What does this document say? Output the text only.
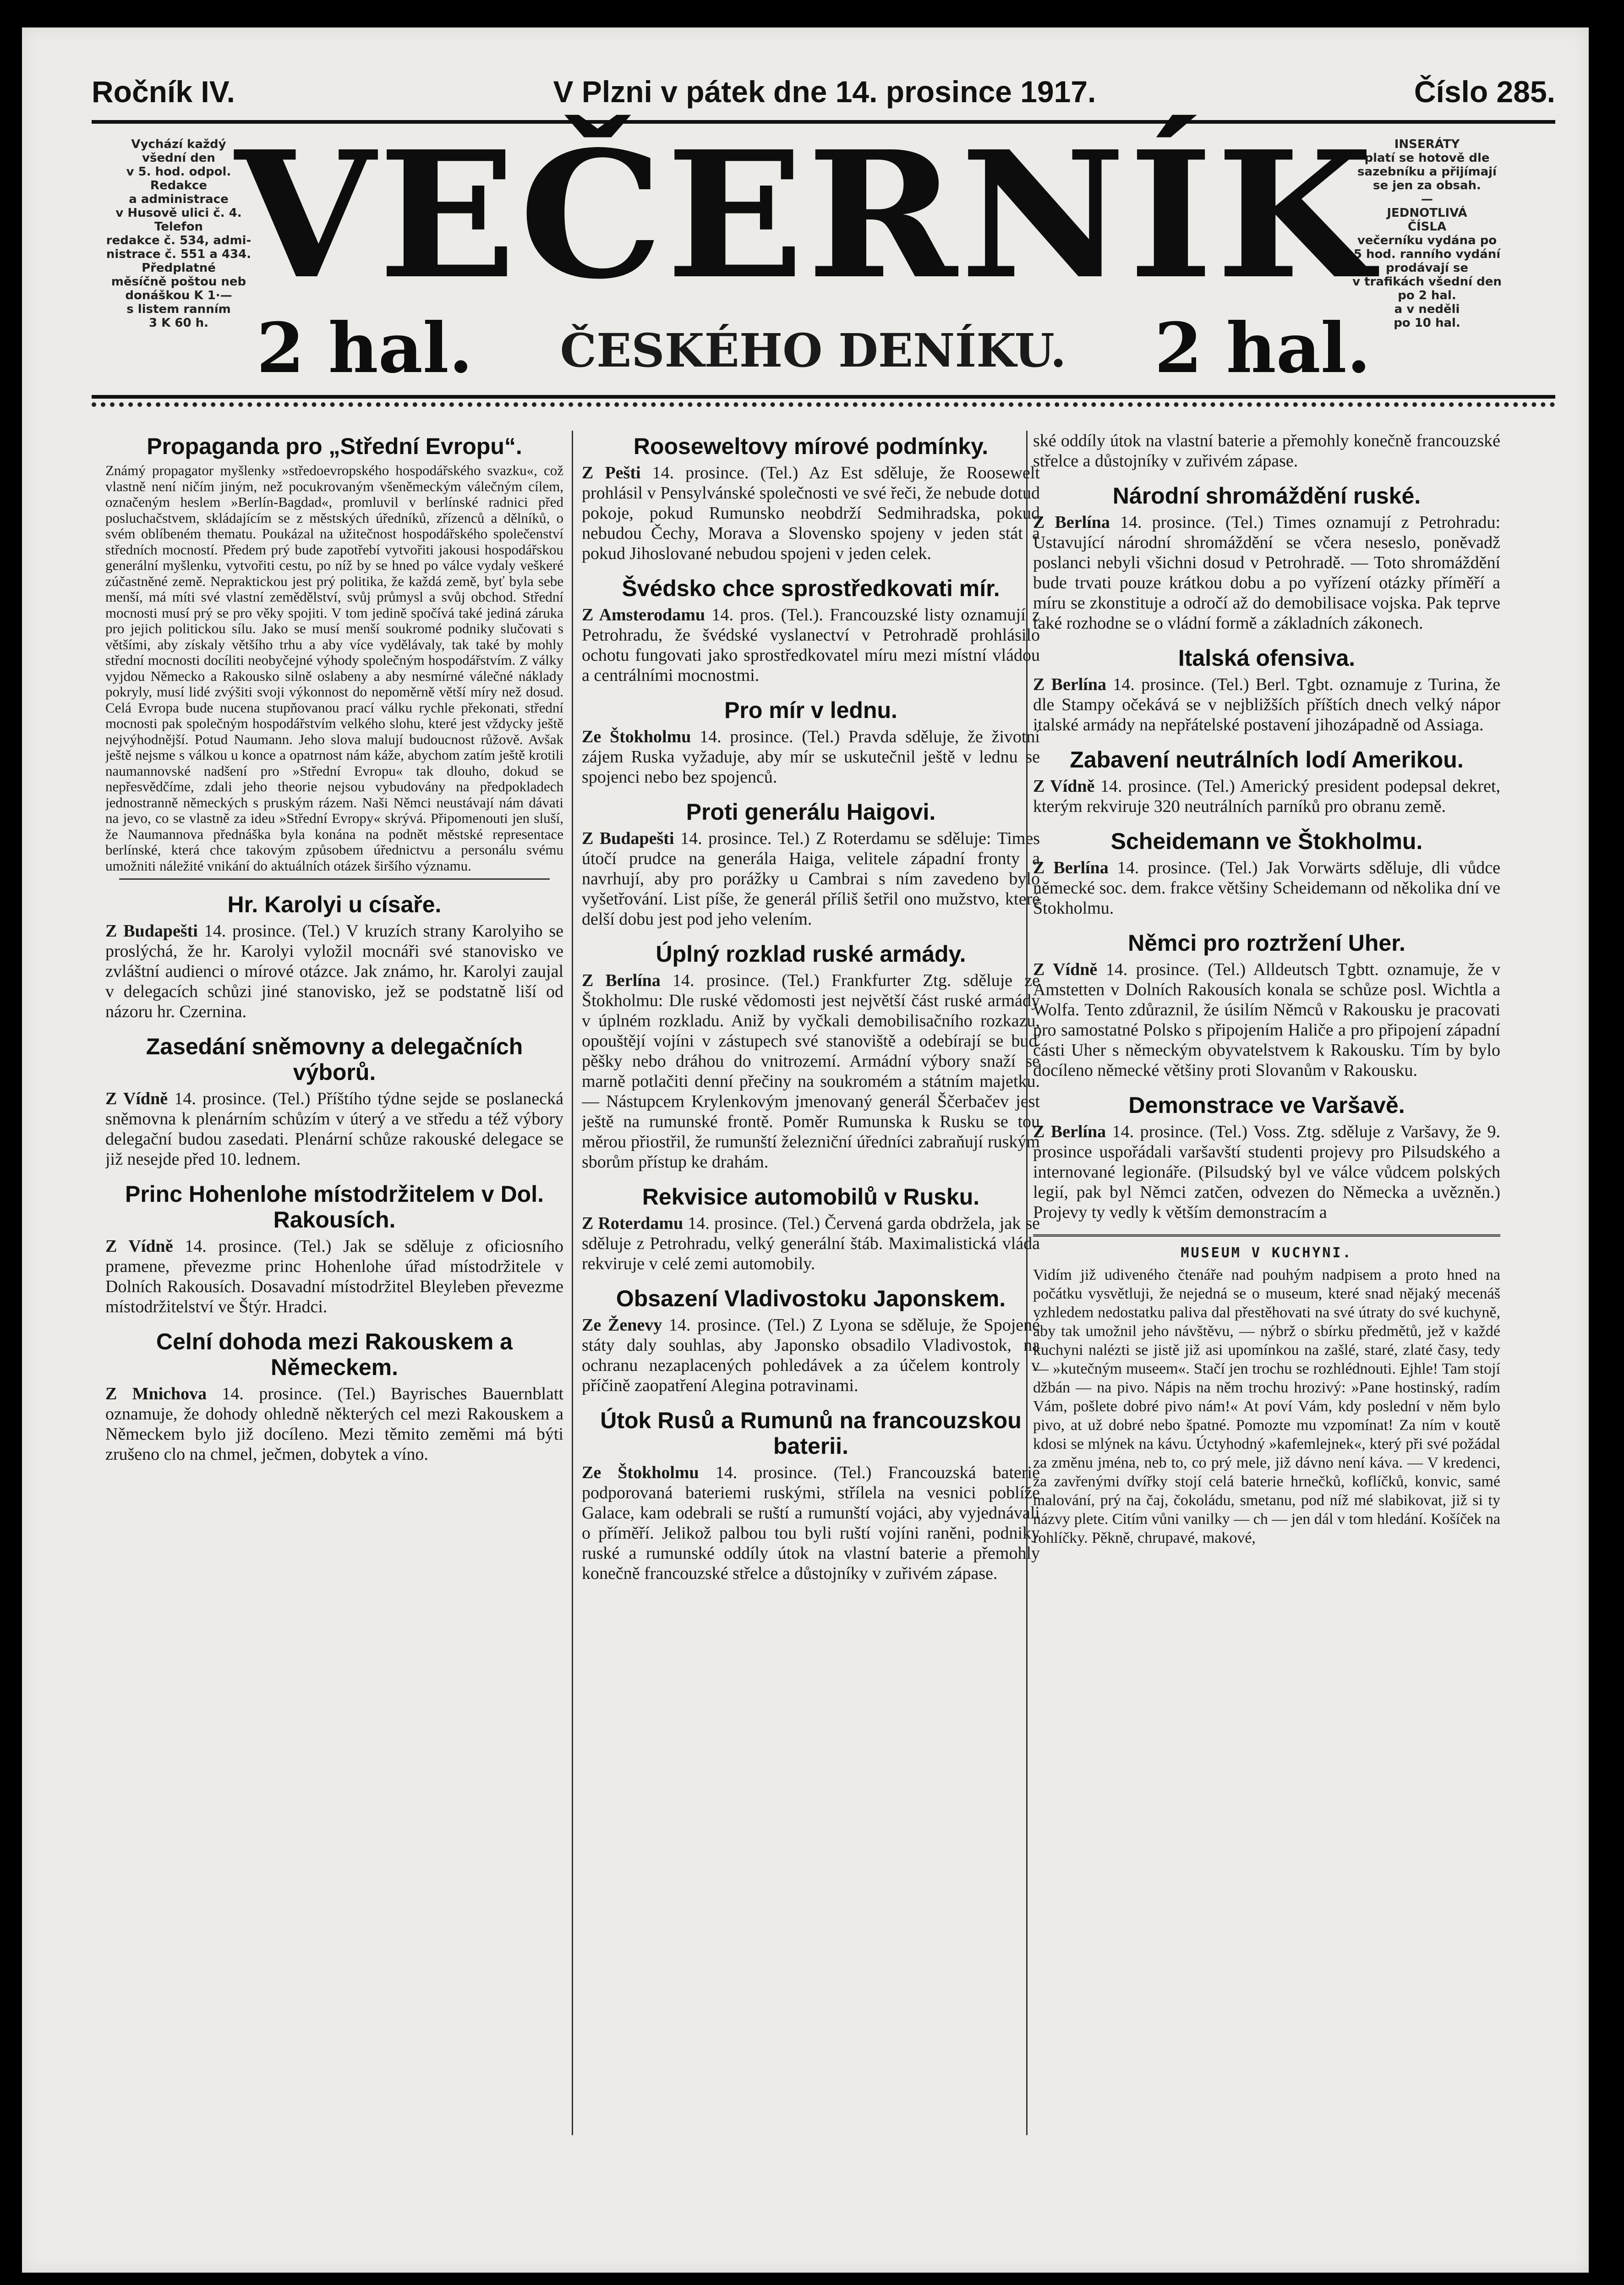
Ročník IV.	V Plzni v pátek dne 14. prosince 1917.	Číslo 285.
Vychází každý
všední den
v 5. hod. odpol.
Redakce
a administrace
v Husově ulici č. 4.
Telefon
redakce č. 534, admi-
nistrace č. 551 a 434.
Předplatné
měsíčně poštou neb
donáškou K 1·—
s listem ranním
3 K 60 h.
INSERÁTY
platí se hotově dle
sazebníku a přijímají
se jen za obsah.
—
JEDNOTLIVÁ
ČÍSLA
večerníku vydána po
5 hod. ranního vydání
prodávají se
v trafikách všední den
po 2 hal.
a v neděli
po 10 hal.
VEČERNÍK
2 hal. ČESKÉHO DENÍKU. 2 hal.
Propaganda pro „Střední Evropu“.

Známý propagator myšlenky »středoevropského hospodářského svazku«, což vlastně není ničím jiným, než pocukrovaným všeněmeckým válečným cílem, označeným heslem »Berlín-Bagdad«, promluvil v berlínské radnici před posluchačstvem, skládajícím se z městských úředníků, zřízenců a dělníků, o svém oblíbeném thematu. Poukázal na užitečnost hospodářského společenství středních mocností. Předem prý bude zapotřebí vytvořiti jakousi hospodářskou generální myšlenku, vytvořiti cestu, po níž by se hned po válce vydaly veškeré zúčastněné země. Nepraktickou jest prý politika, že každá země, byť byla sebe menší, má míti své vlastní zemědělství, svůj průmysl a svůj obchod. Střední mocnosti musí prý se pro věky spojiti. V tom jedině spočívá také jediná záruka pro jejich politickou sílu. Jako se musí menší soukromé podniky slučovati s většími, aby získaly většího trhu a aby více vydělávaly, tak také by mohly střední mocnosti docíliti neobyčejné výhody společným hospodářstvím. Z války vyjdou Německo a Rakousko silně oslabeny a aby nesmírné válečné náklady pokryly, musí lidé zvýšiti svoji výkonnost do nepoměrně větší míry než dosud. Celá Evropa bude nucena stupňovanou prací válku rychle překonati, střední mocnosti pak společným hospodářstvím velkého slohu, které jest vždycky ještě nejvýhodnější. Potud Naumann. Jeho slova malují budoucnost růžově. Avšak ještě nejsme s válkou u konce a opatrnost nám káže, abychom zatím ještě krotili naumannovské nadšení pro »Střední Evropu« tak dlouho, dokud se nepřesvědčíme, zdali jeho theorie nejsou vybudovány na předpokladech jednostranně německých s pruským rázem. Naši Němci neustávají nám dávati na jevo, co se vlastně za ideu »Střední Evropy« skrývá. Připomenouti jen sluší, že Naumannova přednáška byla konána na podnět městské representace berlínské, která chce takovým způsobem úřednictvu a personálu svému umožniti náležité vnikání do aktuálních otázek širšího významu.

Hr. Karolyi u císaře.

Z Budapešti 14. prosince. (Tel.) V kruzích strany Karolyiho se proslýchá, že hr. Karolyi vyložil mocnáři své stanovisko ve zvláštní audienci o mírové otázce. Jak známo, hr. Karolyi zaujal v delegacích schůzi jiné stanovisko, jež se podstatně liší od názoru hr. Czernina.

Zasedání sněmovny a delegačních výborů.

Z Vídně 14. prosince. (Tel.) Příštího týdne sejde se poslanecká sněmovna k plenárním schůzím v úterý a ve středu a též výbory delegační budou zasedati. Plenární schůze rakouské delegace se již nesejde před 10. lednem.

Princ Hohenlohe místodržitelem v Dol. Rakousích.

Z Vídně 14. prosince. (Tel.) Jak se sděluje z oficiosního pramene, převezme princ Hohenlohe úřad místodržitele v Dolních Rakousích. Dosavadní místodržitel Bleyleben převezme místodržitelství ve Štýr. Hradci.

Celní dohoda mezi Rakouskem a Německem.

Z Mnichova 14. prosince. (Tel.) Bayrisches Bauernblatt oznamuje, že dohody ohledně některých cel mezi Rakouskem a Německem bylo již docíleno. Mezi těmito zeměmi má býti zrušeno clo na chmel, ječmen, dobytek a víno.

Rooseweltovy mírové podmínky.

Z Pešti 14. prosince. (Tel.) Az Est sděluje, že Roosewelt prohlásil v Pensylvánské společnosti ve své řeči, že nebude dotud pokoje, pokud Rumunsko neobdrží Sedmihradska, pokud nebudou Čechy, Morava a Slovensko spojeny v jeden stát a pokud Jihoslované nebudou spojeni v jeden celek.

Švédsko chce sprostředkovati mír.

Z Amsterodamu 14. pros. (Tel.). Francouzské listy oznamují z Petrohradu, že švédské vyslanectví v Petrohradě prohlásilo ochotu fungovati jako sprostředkovatel míru mezi místní vládou a centrálními mocnostmi.

Pro mír v lednu.

Ze Štokholmu 14. prosince. (Tel.) Pravda sděluje, že životní zájem Ruska vyžaduje, aby mír se uskutečnil ještě v lednu se spojenci nebo bez spojenců.

Proti generálu Haigovi.

Z Budapešti 14. prosince. Tel.) Z Roterdamu se sděluje: Times útočí prudce na generála Haiga, velitele západní fronty a navrhují, aby pro porážky u Cambrai s ním zavedeno bylo vyšetřování. List píše, že generál příliš šetřil ono mužstvo, které delší dobu jest pod jeho velením.

Úplný rozklad ruské armády.

Z Berlína 14. prosince. (Tel.) Frankfurter Ztg. sděluje ze Štokholmu: Dle ruské vědomosti jest největší část ruské armády v úplném rozkladu. Aniž by vyčkali demobilisačního rozkazu, opouštějí vojíni v zástupech své stanoviště a odebírají se buď pěšky nebo dráhou do vnitrozemí. Armádní výbory snaží se marně potlačiti denní přečiny na soukromém a státním majetku. — Nástupcem Krylenkovým jmenovaný generál Ščerbačev jest ještě na rumunské frontě. Poměr Rumunska k Rusku se tou měrou přiostřil, že rumunští železniční úředníci zabraňují ruským sborům přístup ke drahám.

Rekvisice automobilů v Rusku.

Z Roterdamu 14. prosince. (Tel.) Červená garda obdržela, jak se sděluje z Petrohradu, velký generální štáb. Maximalistická vláda rekviruje v celé zemi automobily.

Obsazení Vladivostoku Japonskem.

Ze Ženevy 14. prosince. (Tel.) Z Lyona se sděluje, že Spojené státy daly souhlas, aby Japonsko obsadilo Vladivostok, na ochranu nezaplacených pohledávek a za účelem kontroly v příčině zaopatření Alegina potravinami.

Útok Rusů a Rumunů na francouzskou baterii.

Ze Štokholmu 14. prosince. (Tel.) Francouzská baterie podporovaná bateriemi ruskými, střílela na vesnici poblíže Galace, kam odebrali se ruští a rumunští vojáci, aby vyjednávali o příměří. Jelikož palbou tou byli ruští vojíni raněni, podniky ruské a rumunské oddíly útok na vlastní baterie a přemohly konečně francouzské střelce a důstojníky v zuřivém zápase.

ské oddíly útok na vlastní baterie a přemohly konečně francouzské střelce a důstojníky v zuřivém zápase.

Národní shromáždění ruské.

Z Berlína 14. prosince. (Tel.) Times oznamují z Petrohradu: Ustavující národní shromáždění se včera neseslo, poněvadž poslanci nebyli všichni dosud v Petrohradě. — Toto shromáždění bude trvati pouze krátkou dobu a po vyřízení otázky příměří a míru se zkonstituje a odročí až do demobilisace vojska. Pak teprve také rozhodne se o vládní formě a základních zákonech.

Italská ofensiva.

Z Berlína 14. prosince. (Tel.) Berl. Tgbt. oznamuje z Turina, že dle Stampy očekává se v nejbližších příštích dnech velký nápor italské armády na nepřátelské postavení jihozápadně od Assiaga.

Zabavení neutrálních lodí Amerikou.

Z Vídně 14. prosince. (Tel.) Americký president podepsal dekret, kterým rekviruje 320 neutrálních parníků pro obranu země.

Scheidemann ve Štokholmu.

Z Berlína 14. prosince. (Tel.) Jak Vorwärts sděluje, dli vůdce německé soc. dem. frakce většiny Scheidemann od několika dní ve Štokholmu.

Němci pro roztržení Uher.

Z Vídně 14. prosince. (Tel.) Alldeutsch Tgbtt. oznamuje, že v Amstetten v Dolních Rakousích konala se schůze posl. Wichtla a Wolfa. Tento zdůraznil, že úsilím Němců v Rakousku je pracovati pro samostatné Polsko s připojením Haliče a pro připojení západní části Uher s německým obyvatelstvem k Rakousku. Tím by bylo docíleno německé většiny proti Slovanům v Rakousku.

Demonstrace ve Varšavě.

Z Berlína 14. prosince. (Tel.) Voss. Ztg. sděluje z Varšavy, že 9. prosince uspořádali varšavští studenti projevy pro Pilsudského a internované legionáře. (Pilsudský byl ve válce vůdcem polských legií, pak byl Němci zatčen, odvezen do Německa a uvězněn.) Projevy ty vedly k větším demonstracím a

MUSEUM V KUCHYNI.

Vidím již udiveného čtenáře nad pouhým nadpisem a proto hned na počátku vysvětluji, že nejedná se o museum, které snad nějaký mecenáš vzhledem nedostatku paliva dal přestěhovati na své útraty do své kuchyně, aby tak umožnil jeho návštěvu, — nýbrž o sbírku předmětů, jež v každé kuchyni nalézti se jistě již asi upomínkou na zašlé, staré, zlaté časy, tedy — »kutečným museem«. Stačí jen trochu se rozhlédnouti. Ejhle! Tam stojí džbán — na pivo. Nápis na něm trochu hrozivý: »Pane hostinský, radím Vám, pošlete dobré pivo nám!« At poví Vám, kdy poslední v něm bylo pivo, at už dobré nebo špatné. Pomozte mu vzpomínat! Za ním v koutě kdosi se mlýnek na kávu. Úctyhodný »kafemlejnek«, který při své požádal za změnu jména, neb to, co prý mele, již dávno není káva. — V kredenci, za zavřenými dvířky stojí celá baterie hrnečků, koflíčků, konvic, samé malování, prý na čaj, čokoládu, smetanu, pod níž mé slabikovat, již si ty názvy plete. Citím vůni vanilky — ch — jen dál v tom hledání. Košíček na rohlíčky. Pěkně, chrupavé, makové,
